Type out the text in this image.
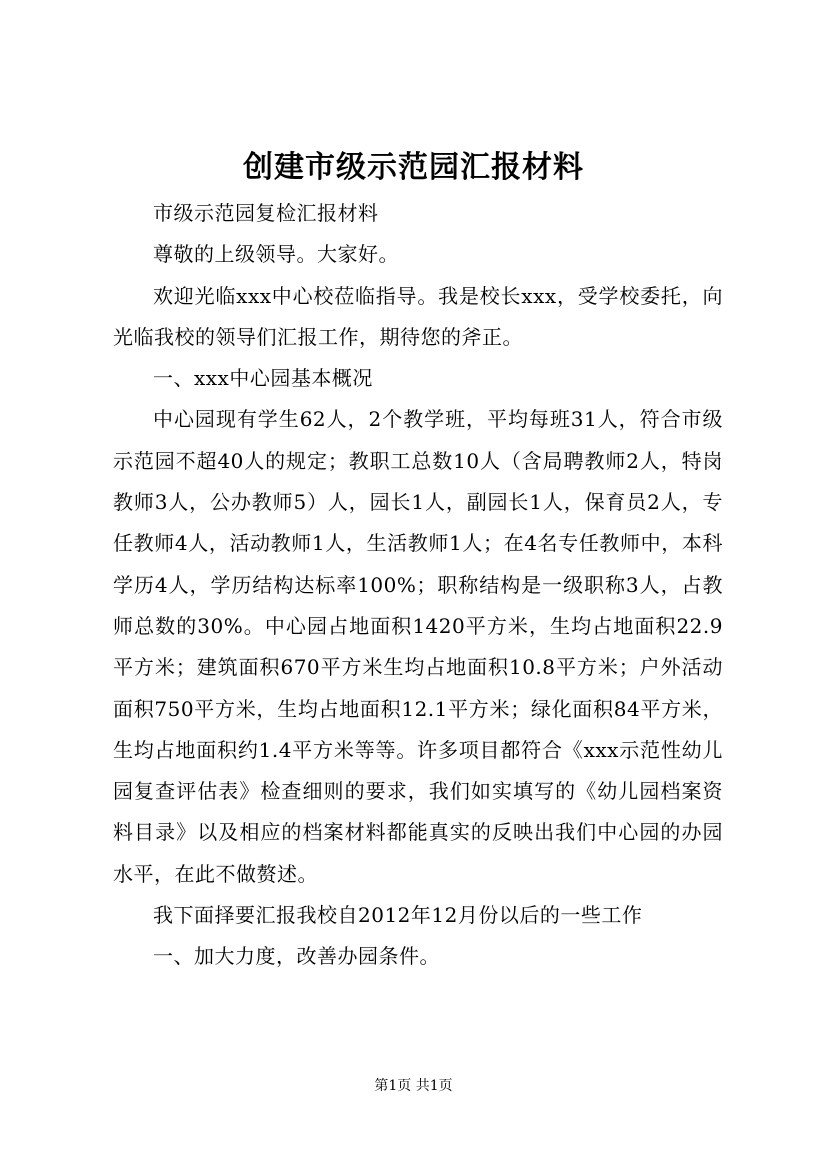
创建市级示范园汇报材料

市级示范园复检汇报材料

尊敬的上级领导。大家好。

欢迎光临xxx中心校莅临指导。我是校长xxx，受学校委托，向光临我校的领导们汇报工作，期待您的斧正。

一、xxx中心园基本概况

中心园现有学生62人，2个教学班，平均每班31人，符合市级示范园不超40人的规定；教职工总数10人（含局聘教师2人，特岗教师3人，公办教师5）人，园长1人，副园长1人，保育员2人，专任教师4人，活动教师1人，生活教师1人；在4名专任教师中，本科学历4人，学历结构达标率100%；职称结构是一级职称3人，占教师总数的30%。中心园占地面积1420平方米，生均占地面积22.9平方米；建筑面积670平方米生均占地面积10.8平方米；户外活动面积750平方米，生均占地面积12.1平方米；绿化面积84平方米，生均占地面积约1.4平方米等等。许多项目都符合《xxx示范性幼儿园复查评估表》检查细则的要求，我们如实填写的《幼儿园档案资料目录》以及相应的档案材料都能真实的反映出我们中心园的办园水平，在此不做赘述。

我下面择要汇报我校自2012年12月份以后的一些工作

一、加大力度，改善办园条件。

第1页 共1页
